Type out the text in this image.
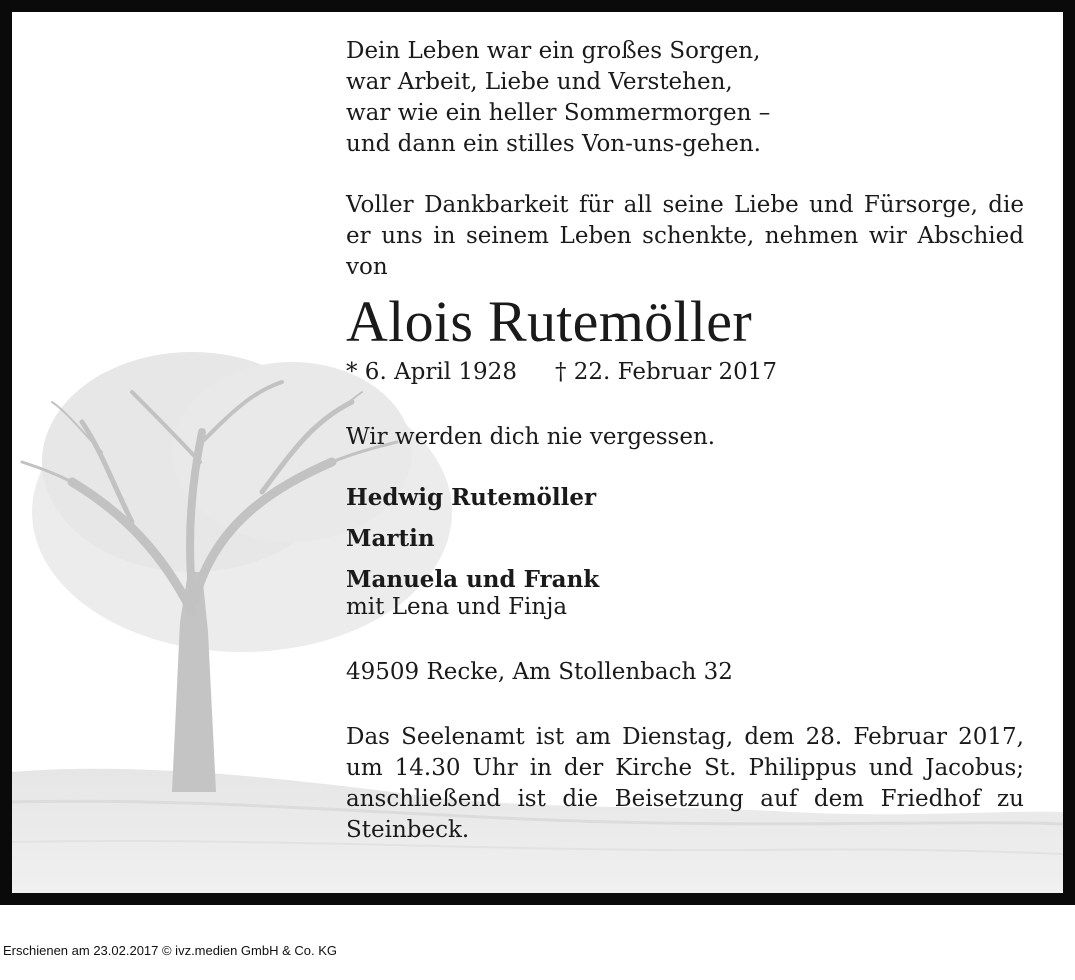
Dein Leben war ein großes Sorgen,
war Arbeit, Liebe und Verstehen,
war wie ein heller Sommermorgen –
und dann ein stilles Von-uns-gehen.
Voller Dankbarkeit für all seine Liebe und Fürsorge, die er uns in seinem Leben schenkte, nehmen wir Abschied von
Alois Rutemöller
* 6. April 1928 † 22. Februar 2017
Wir werden dich nie vergessen.
Hedwig Rutemöller
Martin
Manuela und Frank
mit Lena und Finja
49509 Recke, Am Stollenbach 32
Das Seelenamt ist am Dienstag, dem 28. Februar 2017, um 14.30 Uhr in der Kirche St. Philippus und Jacobus; anschließend ist die Beisetzung auf dem Friedhof zu Steinbeck.
Erschienen am 23.02.2017 © ivz.medien GmbH & Co. KG
